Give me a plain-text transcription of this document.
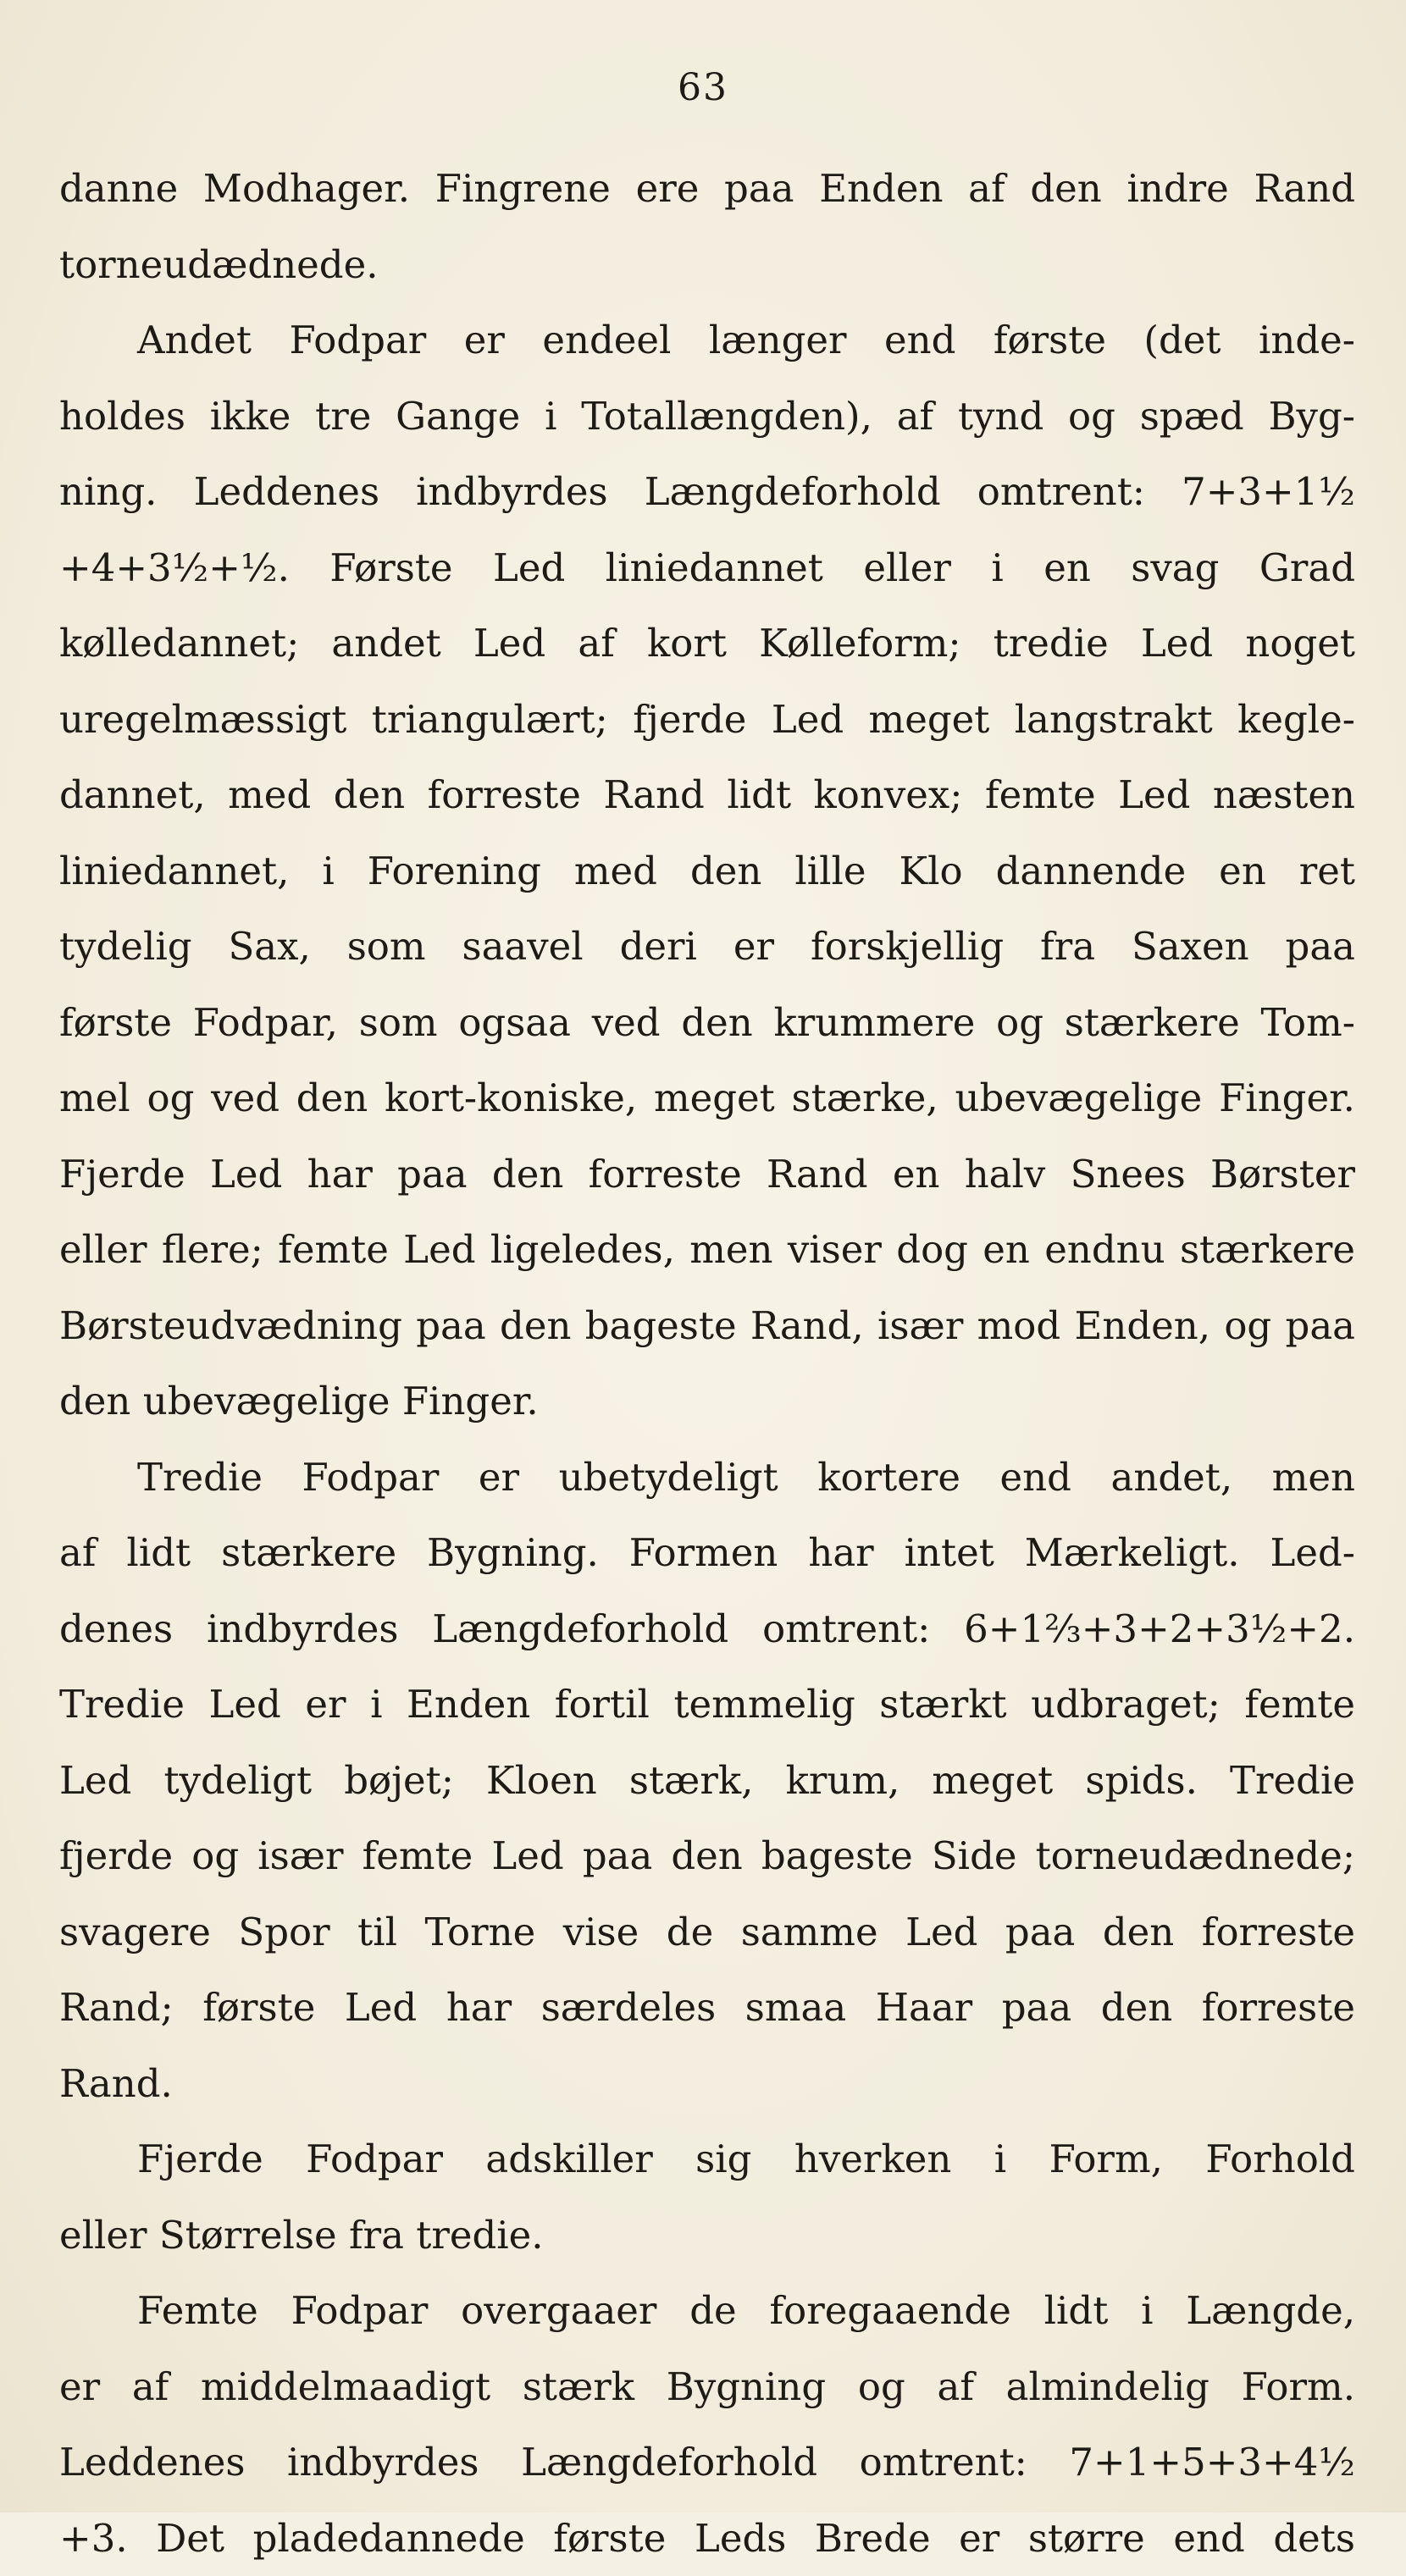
63
danne Modhager. Fingrene ere paa Enden af den indre Rand
torneudædnede.
Andet Fodpar er endeel længer end første (det inde-
holdes ikke tre Gange i Totallængden), af tynd og spæd Byg-
ning. Leddenes indbyrdes Længdeforhold omtrent: 7+3+1½
+4+3½+½. Første Led liniedannet eller i en svag Grad
kølledannet; andet Led af kort Kølleform; tredie Led noget
uregelmæssigt triangulært; fjerde Led meget langstrakt kegle-
dannet, med den forreste Rand lidt konvex; femte Led næsten
liniedannet, i Forening med den lille Klo dannende en ret
tydelig Sax, som saavel deri er forskjellig fra Saxen paa
første Fodpar, som ogsaa ved den krummere og stærkere Tom-
mel og ved den kort-koniske, meget stærke, ubevægelige Finger.
Fjerde Led har paa den forreste Rand en halv Snees Børster
eller flere; femte Led ligeledes, men viser dog en endnu stærkere
Børsteudvædning paa den bageste Rand, især mod Enden, og paa
den ubevægelige Finger.
Tredie Fodpar er ubetydeligt kortere end andet, men
af lidt stærkere Bygning. Formen har intet Mærkeligt. Led-
denes indbyrdes Længdeforhold omtrent: 6+1⅔+3+2+3½+2.
Tredie Led er i Enden fortil temmelig stærkt udbraget; femte
Led tydeligt bøjet; Kloen stærk, krum, meget spids. Tredie
fjerde og især femte Led paa den bageste Side torneudædnede;
svagere Spor til Torne vise de samme Led paa den forreste
Rand; første Led har særdeles smaa Haar paa den forreste
Rand.
Fjerde Fodpar adskiller sig hverken i Form, Forhold
eller Størrelse fra tredie.
Femte Fodpar overgaaer de foregaaende lidt i Længde,
er af middelmaadigt stærk Bygning og af almindelig Form.
Leddenes indbyrdes Længdeforhold omtrent: 7+1+5+3+4½
+3. Det pladedannede første Leds Brede er større end dets
